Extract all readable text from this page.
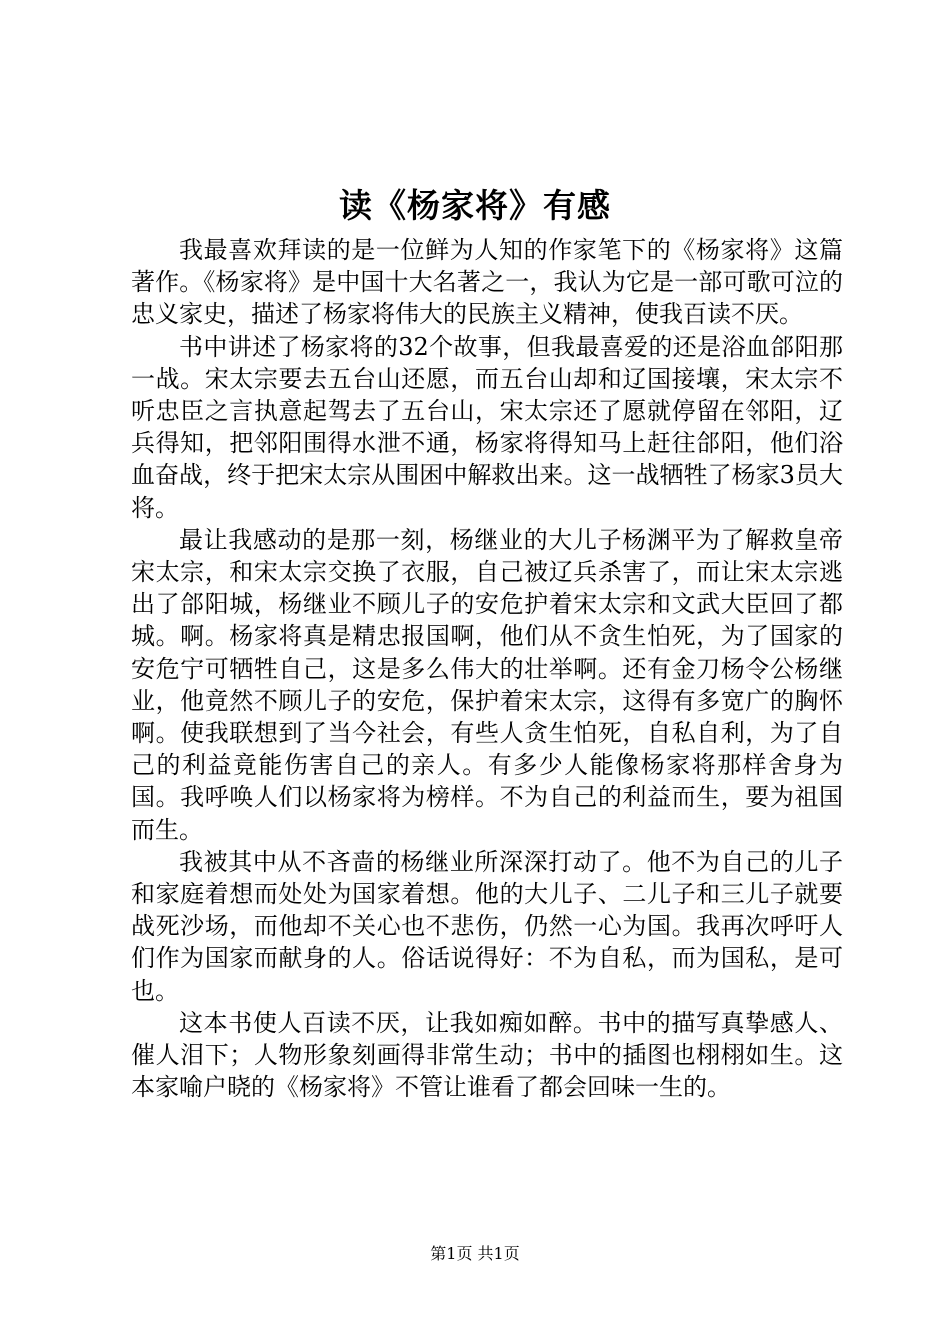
读《杨家将》有感

我最喜欢拜读的是一位鲜为人知的作家笔下的《杨家将》这篇著作。《杨家将》是中国十大名著之一，我认为它是一部可歌可泣的忠义家史，描述了杨家将伟大的民族主义精神，使我百读不厌。

书中讲述了杨家将的32个故事，但我最喜爱的还是浴血郃阳那一战。宋太宗要去五台山还愿，而五台山却和辽国接壤，宋太宗不听忠臣之言执意起驾去了五台山，宋太宗还了愿就停留在邻阳，辽兵得知，把邻阳围得水泄不通，杨家将得知马上赶往郃阳，他们浴血奋战，终于把宋太宗从围困中解救出来。这一战牺牲了杨家3员大将。

最让我感动的是那一刻，杨继业的大儿子杨渊平为了解救皇帝宋太宗，和宋太宗交换了衣服，自己被辽兵杀害了，而让宋太宗逃出了郃阳城，杨继业不顾儿子的安危护着宋太宗和文武大臣回了都城。啊。杨家将真是精忠报国啊，他们从不贪生怕死，为了国家的安危宁可牺牲自己，这是多么伟大的壮举啊。还有金刀杨令公杨继业，他竟然不顾儿子的安危，保护着宋太宗，这得有多宽广的胸怀啊。使我联想到了当今社会，有些人贪生怕死，自私自利，为了自己的利益竟能伤害自己的亲人。有多少人能像杨家将那样舍身为国。我呼唤人们以杨家将为榜样。不为自己的利益而生，要为祖国而生。

我被其中从不吝啬的杨继业所深深打动了。他不为自己的儿子和家庭着想而处处为国家着想。他的大儿子、二儿子和三儿子就要战死沙场，而他却不关心也不悲伤，仍然一心为国。我再次呼吁人们作为国家而献身的人。俗话说得好：不为自私，而为国私，是可也。

这本书使人百读不厌，让我如痴如醉。书中的描写真挚感人、催人泪下；人物形象刻画得非常生动；书中的插图也栩栩如生。这本家喻户晓的《杨家将》不管让谁看了都会回味一生的。

第1页 共1页
